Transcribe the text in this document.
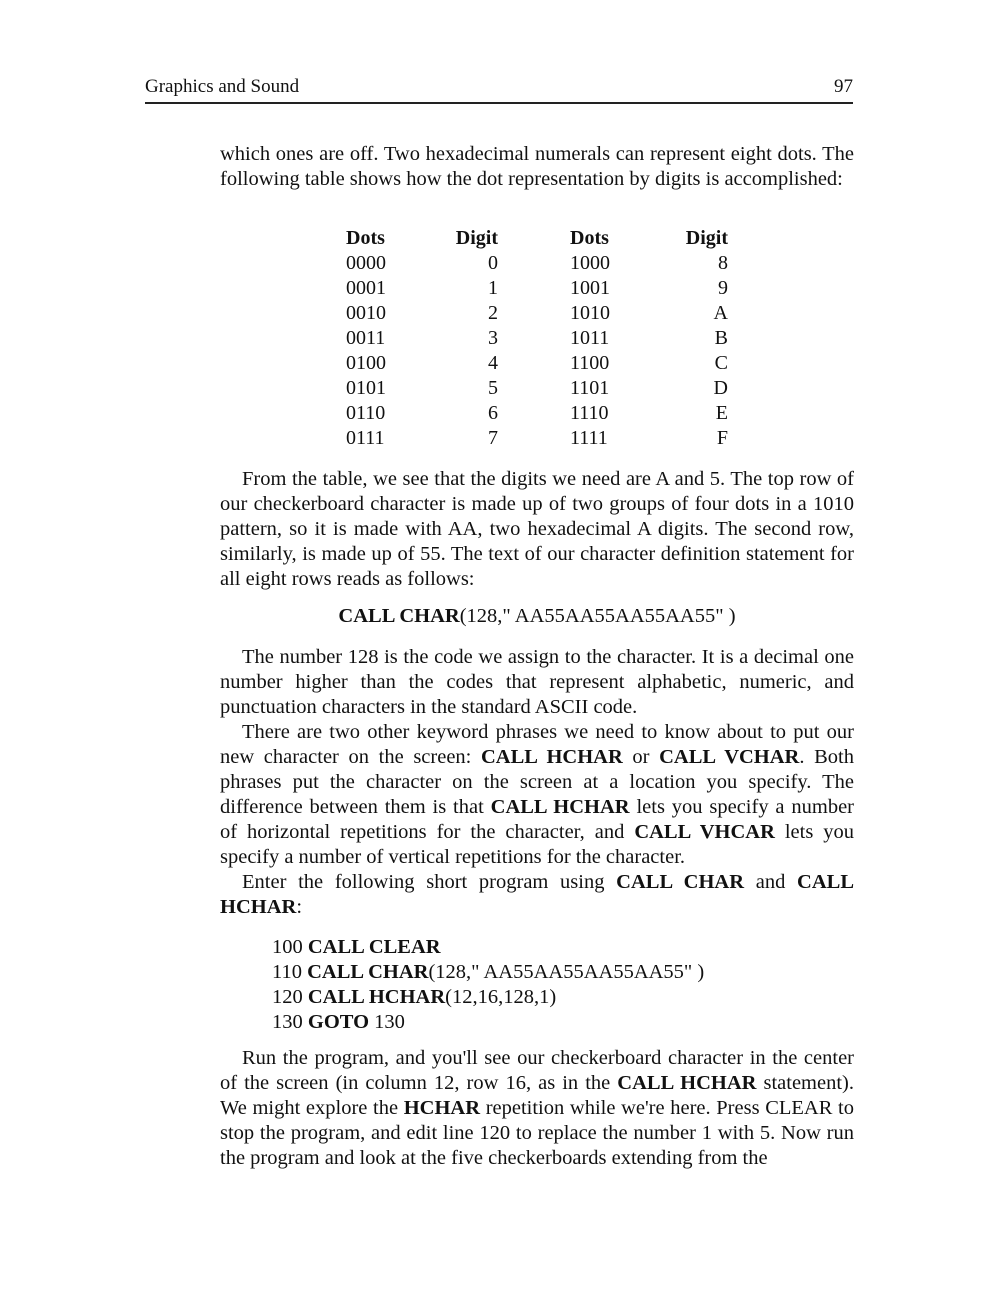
Graphics and Sound	97

which ones are off. Two hexadecimal numerals can represent eight dots. The following table shows how the dot representation by digits is accomplished:

Dots	Digit		Dots	Digit
0000	0		1000	8
0001	1		1001	9
0010	2		1010	A
0011	3		1011	B
0100	4		1100	C
0101	5		1101	D
0110	6		1110	E
0111	7		1111	F

From the table, we see that the digits we need are A and 5. The top row of our checkerboard character is made up of two groups of four dots in a 1010 pattern, so it is made with AA, two hexadecimal A digits. The second row, similarly, is made up of 55. The text of our character definition statement for all eight rows reads as follows:

CALL CHAR(128," AA55AA55AA55AA55" )

The number 128 is the code we assign to the character. It is a decimal one number higher than the codes that represent alphabetic, numeric, and punctuation characters in the standard ASCII code.

There are two other keyword phrases we need to know about to put our new character on the screen: CALL HCHAR or CALL VCHAR. Both phrases put the character on the screen at a location you specify. The difference between them is that CALL HCHAR lets you specify a number of horizontal repetitions for the character, and CALL VHCAR lets you specify a number of vertical repetitions for the character.

Enter the following short program using CALL CHAR and CALL HCHAR:

100 CALL CLEAR
110 CALL CHAR(128," AA55AA55AA55AA55" )
120 CALL HCHAR(12,16,128,1)
130 GOTO 130

Run the program, and you'll see our checkerboard character in the center of the screen (in column 12, row 16, as in the CALL HCHAR statement). We might explore the HCHAR repetition while we're here. Press CLEAR to stop the program, and edit line 120 to replace the number 1 with 5. Now run the program and look at the five checkerboards extending from the
